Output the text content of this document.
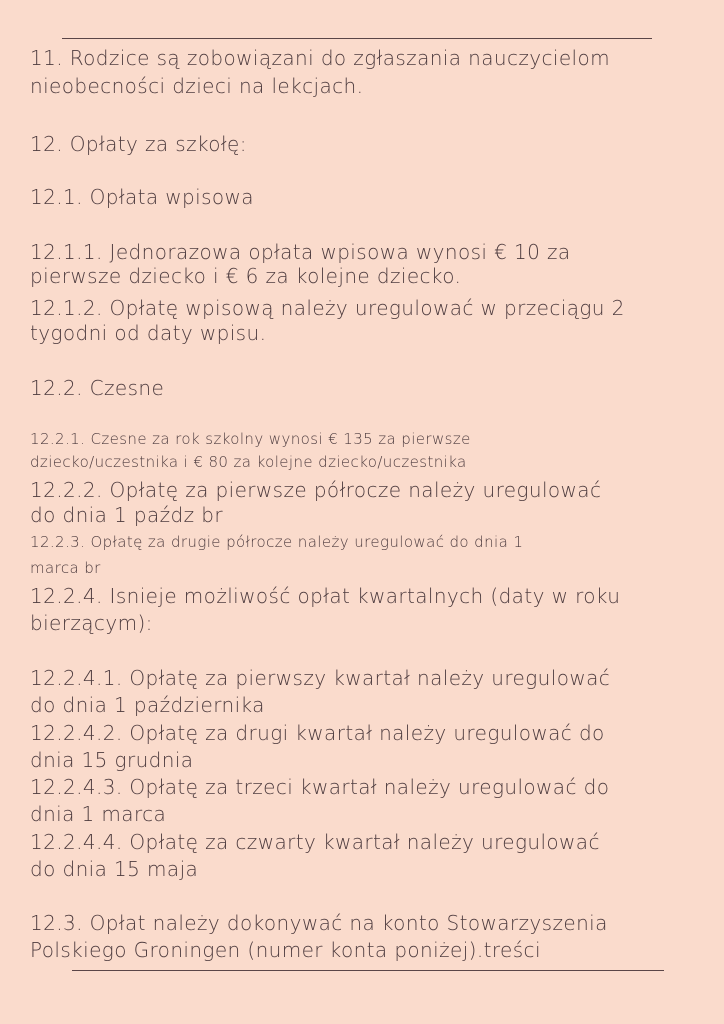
11. Rodzice są zobowiązani do zgłaszania nauczycielom
nieobecności dzieci na lekcjach.
12. Opłaty za szkołę:
12.1. Opłata wpisowa
12.1.1. Jednorazowa opłata wpisowa wynosi € 10 za
pierwsze dziecko i € 6 za kolejne dziecko.
12.1.2. Opłatę wpisową należy uregulować w przeciągu 2
tygodni od daty wpisu.
12.2. Czesne
12.2.1. Czesne za rok szkolny wynosi € 135 za pierwsze
dziecko/uczestnika i € 80 za kolejne dziecko/uczestnika
12.2.2. Opłatę za pierwsze półrocze należy uregulować
do dnia 1 paźdz br
12.2.3. Opłatę za drugie półrocze należy uregulować do dnia 1
marca br
12.2.4. Isnieje możliwość opłat kwartalnych (daty w roku
bierzącym):
12.2.4.1. Opłatę za pierwszy kwartał należy uregulować
do dnia 1 października
12.2.4.2. Opłatę za drugi kwartał należy uregulować do
dnia 15 grudnia
12.2.4.3. Opłatę za trzeci kwartał należy uregulować do
dnia 1 marca
12.2.4.4. Opłatę za czwarty kwartał należy uregulować
do dnia 15 maja
12.3. Opłat należy dokonywać na konto Stowarzyszenia
Polskiego Groningen (numer konta poniżej).treści
